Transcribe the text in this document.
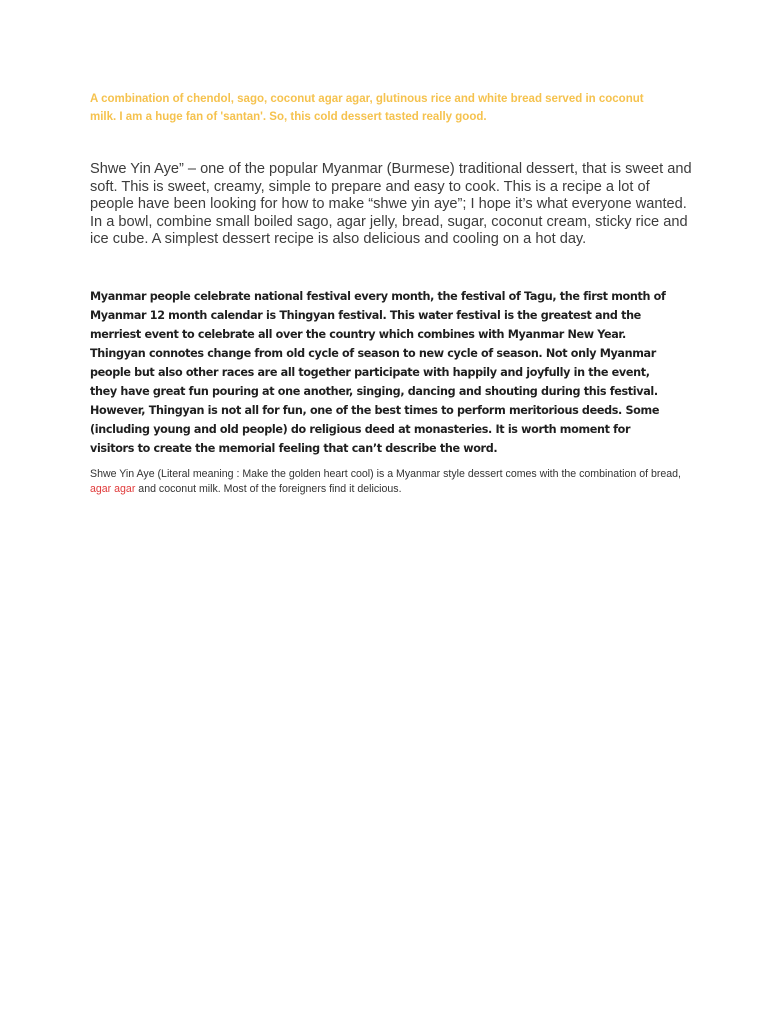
A combination of chendol, sago, coconut agar agar, glutinous rice and white bread served in coconut milk. I am a huge fan of 'santan'. So, this cold dessert tasted really good.

Shwe Yin Aye” – one of the popular Myanmar (Burmese) traditional dessert, that is sweet and soft. This is sweet, creamy, simple to prepare and easy to cook. This is a recipe a lot of people have been looking for how to make “shwe yin aye”; I hope it’s what everyone wanted. In a bowl, combine small boiled sago, agar jelly, bread, sugar, coconut cream, sticky rice and ice cube. A simplest dessert recipe is also delicious and cooling on a hot day.

Myanmar people celebrate national festival every month, the festival of Tagu, the first month of Myanmar 12 month calendar is Thingyan festival. This water festival is the greatest and the merriest event to celebrate all over the country which combines with Myanmar New Year. Thingyan connotes change from old cycle of season to new cycle of season. Not only Myanmar people but also other races are all together participate with happily and joyfully in the event, they have great fun pouring at one another, singing, dancing and shouting during this festival. However, Thingyan is not all for fun, one of the best times to perform meritorious deeds. Some (including young and old people) do religious deed at monasteries. It is worth moment for visitors to create the memorial feeling that can’t describe the word.

Shwe Yin Aye (Literal meaning : Make the golden heart cool) is a Myanmar style dessert comes with the combination of bread, agar agar and coconut milk. Most of the foreigners find it delicious.
